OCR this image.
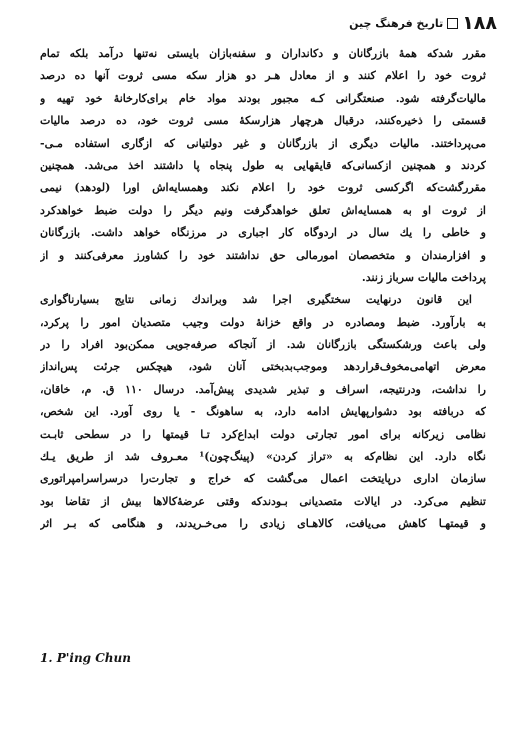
۱۸۸
تاریخ فرهنگ چین
مقرر شدکه همهٔ بازرگانان و دکانداران و سفنه‌بازان بایستی نه‌تنها درآمد بلکه تمام
ثروت خود را اعلام کنند و از معادل هـر دو هزار سکه مسی ثروت آنها ده درصد
مالیات‌گرفته شود. صنعتگرانی کـه مجبور بودند مواد خام برای‌کارخانهٔ خود تهیه و
قسمتی را ذخیره‌کنند، درقبال هرچهار هزارسکهٔ مسی ثروت خود، ده درصد مالیات
می‌پرداختند. مالیات دیگری از بازرگانان و غیر دولتیانی که ازگاری استفاده مـی-
کردند و همچنین ازکسانی‌که قایقهایی به طول پنجاه پا داشتند اخذ می‌شد. همچنین
مقررگشت‌که اگرکسی ثروت خود را اعلام نکند وهمسایه‌اش اورا (لودهد) نیمی
از ثروت او به همسایه‌اش تعلق خواهدگرفت ونیم دیگر را دولت ضبط خواهدکرد
و خاطی را یك سال در اردوگاه کار اجباری در مرزنگاه خواهد داشت. بازرگانان
و افزارمندان و متخصصان امورمالی حق نداشتند خود را کشاورز معرفی‌کنند و از
پرداخت مالیات سرباز زنند.
این قانون درنهایت سختگیری اجرا شد وبراندك زمانی نتایج بسیارناگواری
به بارآورد. ضبط ومصادره در واقع خزانهٔ دولت وجیب متصدیان امور را پرکرد،
ولی باعث ورشکستگی بازرگانان شد. از آنجاکه صرفه‌جویی ممکن‌بود افراد را در
معرض اتهامی‌مخوف‌قرار‌دهد وموجب‌بدبختی آنان شود، هیچکس جرئت پس‌انداز
را نداشت، ودرنتیجه، اسراف و تبذیر شدیدی پیش‌آمد. درسال ۱۱۰ ق. م، خاقان،
که دربافته بود دشوارپهایش ادامه دارد، به ساهونگ - یا روی آورد. این شخص،
نظامی زیرکانه برای امور تجارتی دولت ابداع‌کرد تـا قیمتها را در سطحی ثابـت
نگاه دارد. این نظام‌که به «تراز کردن» (پینگ‌چون)¹ معـروف شد از طریق یـك
سازمان اداری درپایتخت اعمال می‌گشت که خراج و تجارت‌را درسراسرامپراتوری
تنظیم می‌کرد. در ایالات متصدیانی بـودندکه وقتی عرضهٔ‌کالاها بیش از تقاضا بود
و قیمتهـا کاهش می‌یافت، کالاهـای زیادی را می‌خـریدند، و هنگامی که بـر اثر
1. P'ing Chun
